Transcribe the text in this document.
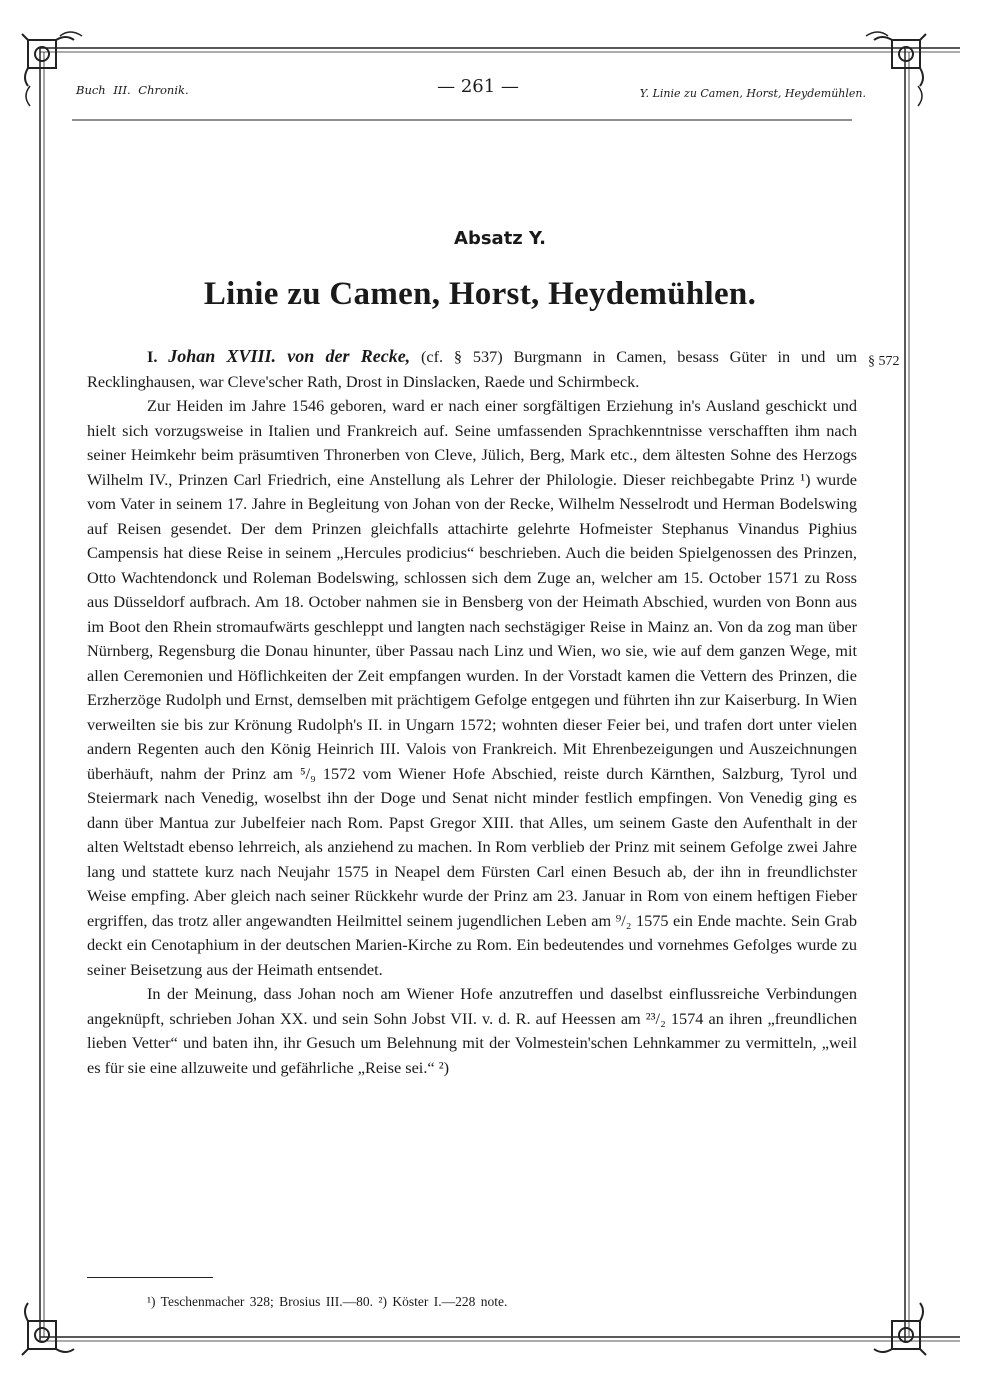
Buch III. Chronik.	— 261 —	Y. Linie zu Camen, Horst, Heydemühlen.
Absatz Y.
Linie zu Camen, Horst, Heydemühlen.
§ 572

I. Johan XVIII. von der Recke, (cf. § 537) Burgmann in Camen, besass Güter in und um Recklinghausen, war Cleve'scher Rath, Drost in Dinslacken, Raede und Schirmbeck.

Zur Heiden im Jahre 1546 geboren, ward er nach einer sorgfältigen Erziehung in's Ausland geschickt und hielt sich vorzugsweise in Italien und Frankreich auf. Seine umfassenden Sprachkenntnisse verschafften ihm nach seiner Heimkehr beim präsumtiven Thronerben von Cleve, Jülich, Berg, Mark etc., dem ältesten Sohne des Herzogs Wilhelm IV., Prinzen Carl Friedrich, eine Anstellung als Lehrer der Philologie. Dieser reichbegabte Prinz ¹) wurde vom Vater in seinem 17. Jahre in Begleitung von Johan von der Recke, Wilhelm Nesselrodt und Herman Bodelswing auf Reisen gesendet. Der dem Prinzen gleichfalls attachirte gelehrte Hofmeister Stephanus Vinandus Pighius Campensis hat diese Reise in seinem „Hercules prodicius“ beschrieben. Auch die beiden Spielgenossen des Prinzen, Otto Wachtendonck und Roleman Bodelswing, schlossen sich dem Zuge an, welcher am 15. October 1571 zu Ross aus Düsseldorf aufbrach. Am 18. October nahmen sie in Bensberg von der Heimath Abschied, wurden von Bonn aus im Boot den Rhein stromaufwärts geschleppt und langten nach sechstägiger Reise in Mainz an. Von da zog man über Nürnberg, Regensburg die Donau hinunter, über Passau nach Linz und Wien, wo sie, wie auf dem ganzen Wege, mit allen Ceremonien und Höflichkeiten der Zeit empfangen wurden. In der Vorstadt kamen die Vettern des Prinzen, die Erzherzöge Rudolph und Ernst, demselben mit prächtigem Gefolge entgegen und führten ihn zur Kaiserburg. In Wien verweilten sie bis zur Krönung Rudolph's II. in Ungarn 1572; wohnten dieser Feier bei, und trafen dort unter vielen andern Regenten auch den König Heinrich III. Valois von Frankreich. Mit Ehrenbezeigungen und Auszeichnungen überhäuft, nahm der Prinz am ⁵/₉ 1572 vom Wiener Hofe Abschied, reiste durch Kärnthen, Salzburg, Tyrol und Steiermark nach Venedig, woselbst ihn der Doge und Senat nicht minder festlich empfingen. Von Venedig ging es dann über Mantua zur Jubelfeier nach Rom. Papst Gregor XIII. that Alles, um seinem Gaste den Aufenthalt in der alten Weltstadt ebenso lehrreich, als anziehend zu machen. In Rom verblieb der Prinz mit seinem Gefolge zwei Jahre lang und stattete kurz nach Neujahr 1575 in Neapel dem Fürsten Carl einen Besuch ab, der ihn in freundlichster Weise empfing. Aber gleich nach seiner Rückkehr wurde der Prinz am 23. Januar in Rom von einem heftigen Fieber ergriffen, das trotz aller angewandten Heilmittel seinem jugendlichen Leben am ⁹/₂ 1575 ein Ende machte. Sein Grab deckt ein Cenotaphium in der deutschen Marien-Kirche zu Rom. Ein bedeutendes und vornehmes Gefolges wurde zu seiner Beisetzung aus der Heimath entsendet.

In der Meinung, dass Johan noch am Wiener Hofe anzutreffen und daselbst einflussreiche Verbindungen angeknüpft, schrieben Johan XX. und sein Sohn Jobst VII. v. d. R. auf Heessen am ²³/₂ 1574 an ihren „freundlichen lieben Vetter“ und baten ihn, ihr Gesuch um Belehnung mit der Volmestein'schen Lehnkammer zu vermitteln, „weil es für sie eine allzuweite und gefährliche „Reise sei.“ ²)

¹) Teschenmacher 328; Brosius III.—80. ²) Köster I.—228 note.
